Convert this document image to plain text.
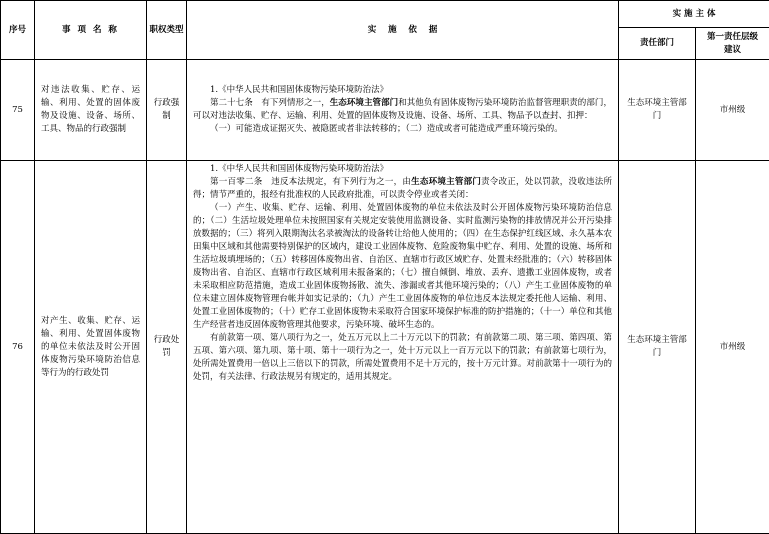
序号	事 项 名 称	职权类型	实    施    依    据	实 施 主 体	
				责任部门	第一责任层级建议
75	对违法收集、贮存、运输、利用、处置的固体废物及设施、设备、场所、工具、物品的行政强制	行政强制	1.《中华人民共和国固体废物污染环境防治法》

第二十七条　有下列情形之一，生态环境主管部门和其他负有固体废物污染环境防治监督管理职责的部门，可以对违法收集、贮存、运输、利用、处置的固体废物及设施、设备、场所、工具、物品予以查封、扣押：

（一）可能造成证据灭失、被隐匿或者非法转移的；（二）造成或者可能造成严重环境污染的。	生态环境主管部门	市州级
76	对产生、收集、贮存、运输、利用、处置固体废物的单位未依法及时公开固体废物污染环境防治信息等行为的行政处罚	行政处罚	1.《中华人民共和国固体废物污染环境防治法》

第一百零二条　违反本法规定，有下列行为之一，由生态环境主管部门责令改正，处以罚款，没收违法所得；情节严重的，报经有批准权的人民政府批准，可以责令停业或者关闭：

（一）产生、收集、贮存、运输、利用、处置固体废物的单位未依法及时公开固体废物污染环境防治信息的；（二）生活垃圾处理单位未按照国家有关规定安装使用监测设备、实时监测污染物的排放情况并公开污染排放数据的；（三）将列入限期淘汰名录被淘汰的设备转让给他人使用的；（四）在生态保护红线区域、永久基本农田集中区域和其他需要特别保护的区域内，建设工业固体废物、危险废物集中贮存、利用、处置的设施、场所和生活垃圾填埋场的；（五）转移固体废物出省、自治区、直辖市行政区域贮存、处置未经批准的；（六）转移固体废物出省、自治区、直辖市行政区域利用未报备案的；（七）擅自倾倒、堆放、丢弃、遗撒工业固体废物，或者未采取相应防范措施，造成工业固体废物扬散、流失、渗漏或者其他环境污染的；（八）产生工业固体废物的单位未建立固体废物管理台帐并如实记录的；（九）产生工业固体废物的单位违反本法规定委托他人运输、利用、处置工业固体废物的；（十）贮存工业固体废物未采取符合国家环境保护标准的防护措施的；（十一）单位和其他生产经营者违反固体废物管理其他要求，污染环境、破坏生态的。

有前款第一项、第八项行为之一，处五万元以上二十万元以下的罚款；有前款第二项、第三项、第四项、第五项、第六项、第九项、第十项、第十一项行为之一，处十万元以上一百万元以下的罚款；有前款第七项行为，处所需处置费用一倍以上三倍以下的罚款，所需处置费用不足十万元的，按十万元计算。对前款第十一项行为的处罚，有关法律、行政法规另有规定的，适用其规定。	生态环境主管部门	市州级
